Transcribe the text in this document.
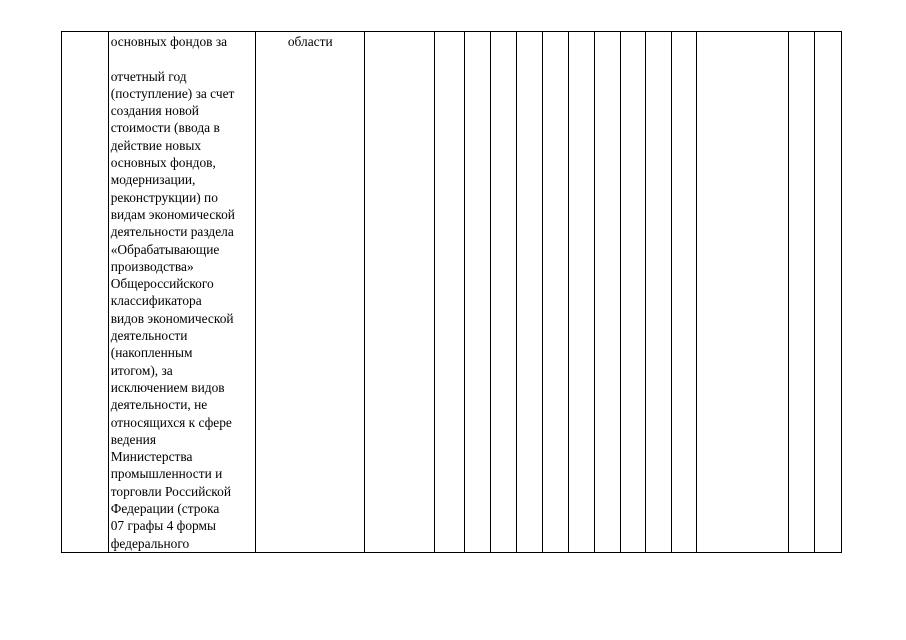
основных фондов за
отчетный год
(поступление) за счет
создания новой
стоимости (ввода в
действие новых
основных фондов,
модернизации,
реконструкции) по
видам экономической
деятельности раздела
«Обрабатывающие
производства»
Общероссийского
классификатора
видов экономической
деятельности
(накопленным
итогом), за
исключением видов
деятельности, не
относящихся к сфере
ведения
Министерства
промышленности и
торговли Российской
Федерации (строка
07 графы 4 формы
федерального
	области														
